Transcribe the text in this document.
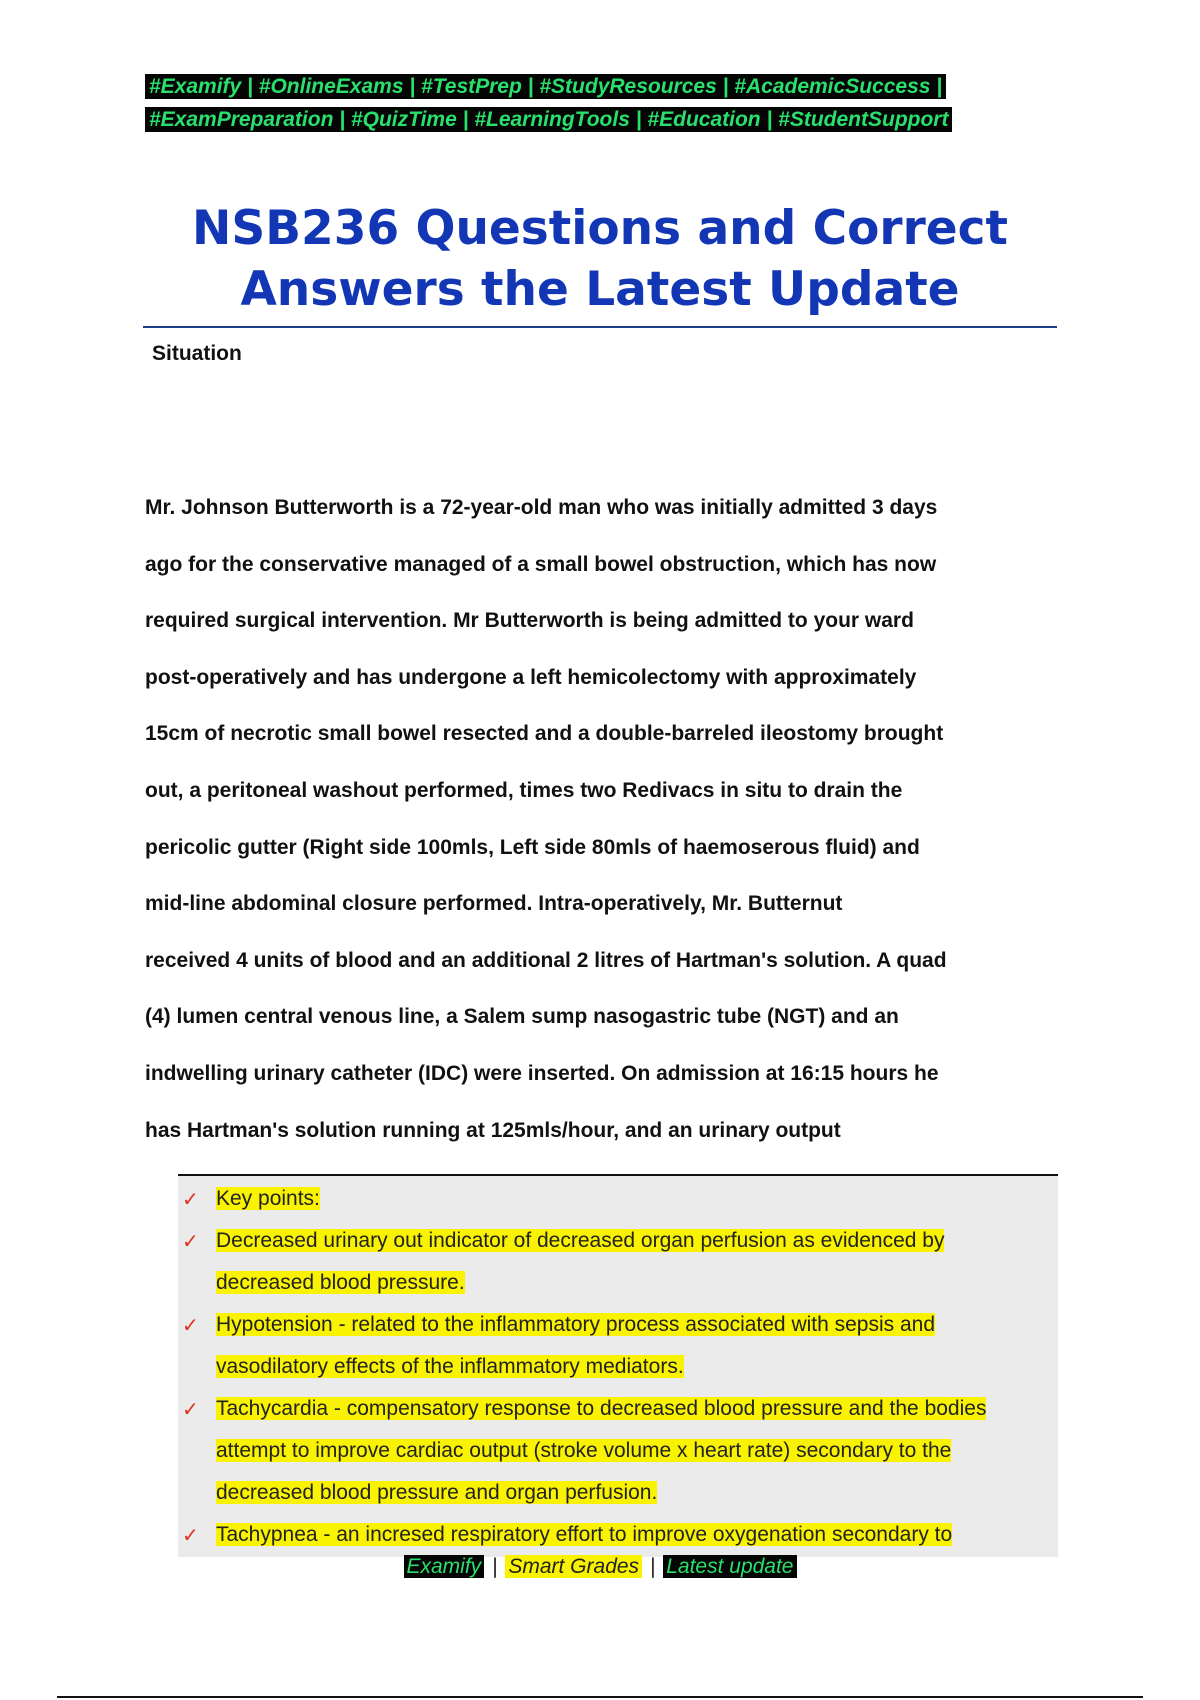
#Examify | #OnlineExams | #TestPrep | #StudyResources | #AcademicSuccess |
#ExamPreparation | #QuizTime | #LearningTools | #Education | #StudentSupport
NSB236 Questions and Correct
Answers the Latest Update
Situation
Mr. Johnson Butterworth is a 72-year-old man who was initially admitted 3 days
ago for the conservative managed of a small bowel obstruction, which has now
required surgical intervention. Mr Butterworth is being admitted to your ward
post-operatively and has undergone a left hemicolectomy with approximately
15cm of necrotic small bowel resected and a double-barreled ileostomy brought
out, a peritoneal washout performed, times two Redivacs in situ to drain the
pericolic gutter (Right side 100mls, Left side 80mls of haemoserous fluid) and
mid-line abdominal closure performed. Intra-operatively, Mr. Butternut
received 4 units of blood and an additional 2 litres of Hartman's solution. A quad
(4) lumen central venous line, a Salem sump nasogastric tube (NGT) and an
indwelling urinary catheter (IDC) were inserted. On admission at 16:15 hours he
has Hartman's solution running at 125mls/hour, and an urinary output
✓ Key points:
✓ Decreased urinary out indicator of decreased organ perfusion as evidenced by
decreased blood pressure.
✓ Hypotension - related to the inflammatory process associated with sepsis and
vasodilatory effects of the inflammatory mediators.
✓ Tachycardia - compensatory response to decreased blood pressure and the bodies
attempt to improve cardiac output (stroke volume x heart rate) secondary to the
decreased blood pressure and organ perfusion.
✓ Tachypnea - an incresed respiratory effort to improve oxygenation secondary to
Examify | Smart Grades | Latest update
